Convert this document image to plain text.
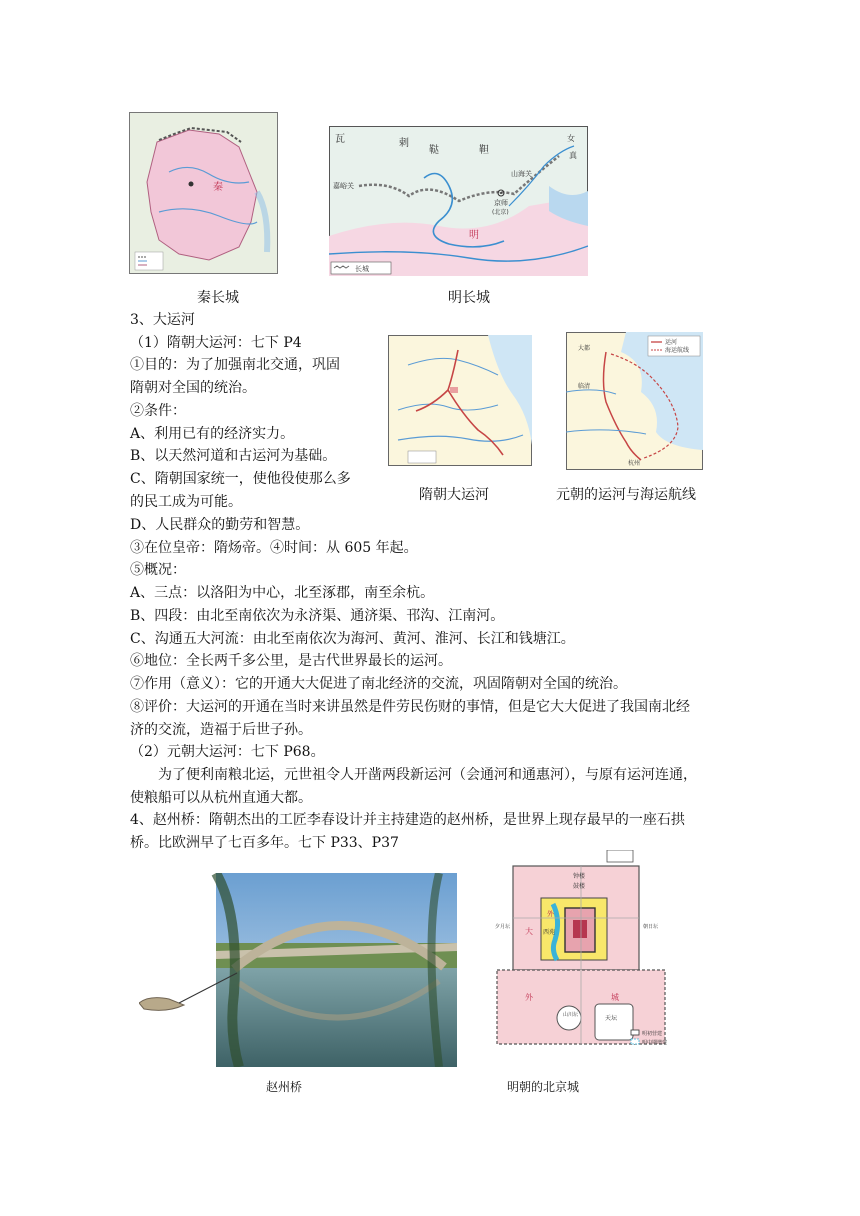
秦
瓦	剌
鞑	靼
女
真
山海关
京师
(北京)
嘉峪关
明
长城
秦长城	明长城
运河
海运航线
大都
临清
杭州
隋朝大运河	元朝的运河与海运航线
3、大运河
（1）隋朝大运河：七下 P4
①目的：为了加强南北交通，巩固
隋朝对全国的统治。
②条件：
A、利用已有的经济实力。
B、以天然河道和古运河为基础。
C、隋朝国家统一，使他役使那么多
的民工成为可能。
D、人民群众的勤劳和智慧。
③在位皇帝：隋炀帝。④时间：从 605 年起。
⑤概况：
A、三点：以洛阳为中心，北至涿郡，南至余杭。
B、四段：由北至南依次为永济渠、通济渠、邗沟、江南河。
C、沟通五大河流：由北至南依次为海河、黄河、淮河、长江和钱塘江。
⑥地位：全长两千多公里，是古代世界最长的运河。
⑦作用（意义）：它的开通大大促进了南北经济的交流，巩固隋朝对全国的统治。
⑧评价：大运河的开通在当时来讲虽然是件劳民伤财的事情，但是它大大促进了我国南北经
济的交流，造福于后世子孙。
（2）元朝大运河：七下 P68。
为了便利南粮北运，元世祖令人开凿两段新运河（会通河和通惠河），与原有运河连通，
使粮船可以从杭州直通大都。
4、赵州桥：隋朝杰出的工匠李春设计并主持建造的赵州桥，是世界上现存最早的一座石拱
桥。比欧洲早了七百多年。七下 P33、P37
钟楼
鼓楼
西苑
外
大
外	城
山川坛	天坛
朝日坛
夕月坛
明初营建
明中期增建
赵州桥	明朝的北京城
